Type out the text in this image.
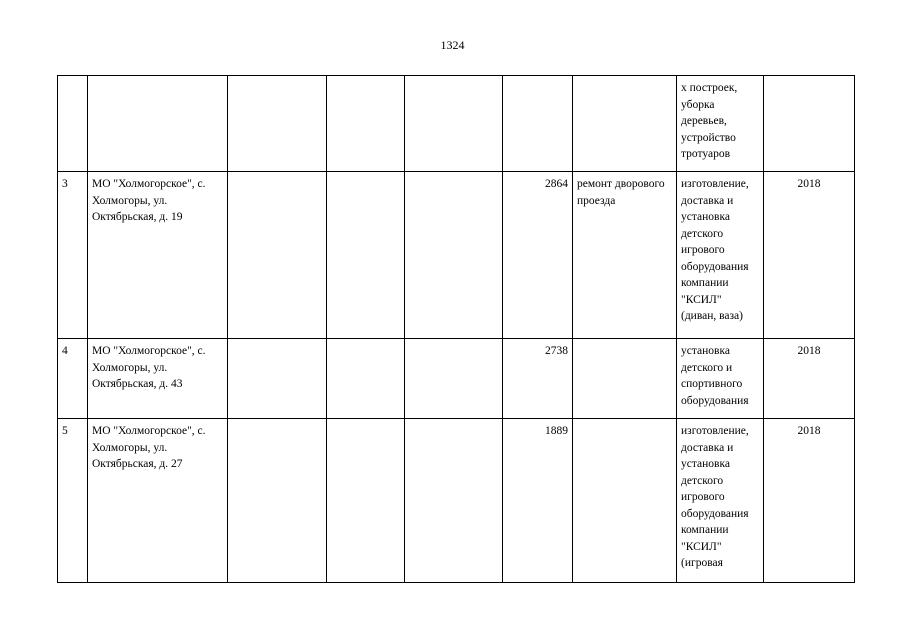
1324
							х построек, уборка деревьев, устройство тротуаров	
3	МО "Холмогорское", с. Холмогоры, ул. Октябрьская, д. 19				2864	ремонт дворового проезда	изготовление, доставка и установка детского игрового оборудования компании "КСИЛ" (диван, ваза)	2018
4	МО "Холмогорское", с. Холмогоры, ул. Октябрьская, д. 43				2738		установка детского и спортивного оборудования	2018
5	МО "Холмогорское", с. Холмогоры, ул. Октябрьская, д. 27				1889		изготовление, доставка и установка детского игрового оборудования компании "КСИЛ" (игровая	2018
